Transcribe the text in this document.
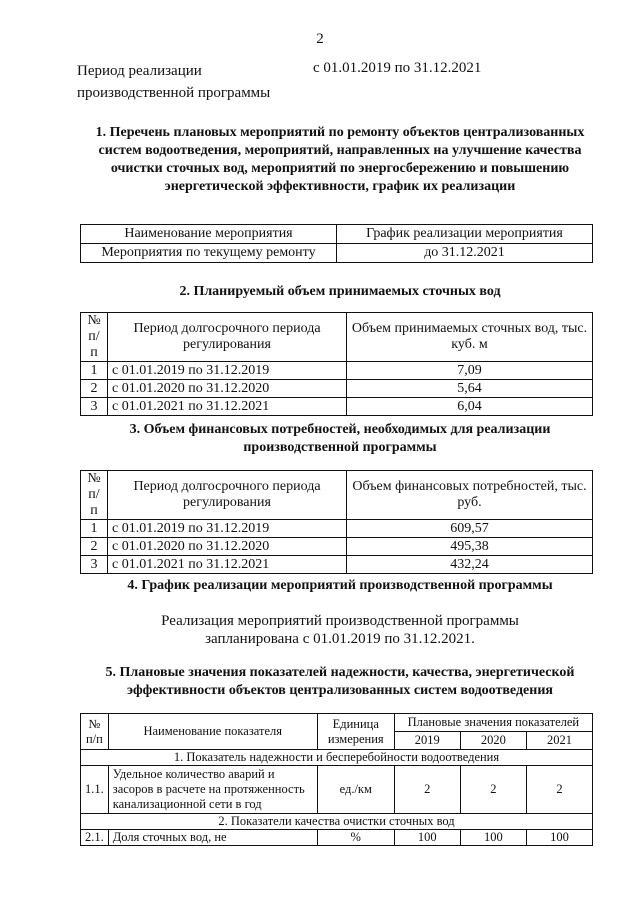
2
Период реализации
производственной программы
с 01.01.2019 по 31.12.2021
1. Перечень плановых мероприятий по ремонту объектов централизованных систем водоотведения, мероприятий, направленных на улучшение качества очистки сточных вод, мероприятий по энергосбережению и повышению энергетической эффективности, график их реализации
Наименование мероприятия	График реализации мероприятия
Мероприятия по текущему ремонту	до 31.12.2021
2. Планируемый объем принимаемых сточных вод
№ п/п	Период долгосрочного периода регулирования	Объем принимаемых сточных вод, тыс. куб. м
1	с 01.01.2019 по 31.12.2019	7,09
2	с 01.01.2020 по 31.12.2020	5,64
3	с 01.01.2021 по 31.12.2021	6,04
3. Объем финансовых потребностей, необходимых для реализации производственной программы
№ п/п	Период долгосрочного периода регулирования	Объем финансовых потребностей, тыс. руб.
1	с 01.01.2019 по 31.12.2019	609,57
2	с 01.01.2020 по 31.12.2020	495,38
3	с 01.01.2021 по 31.12.2021	432,24
4. График реализации мероприятий производственной программы
Реализация мероприятий производственной программы
запланирована с 01.01.2019 по 31.12.2021.
5. Плановые значения показателей надежности, качества, энергетической эффективности объектов централизованных систем водоотведения
№ п/п	Наименование показателя	Единица измерения	Плановые значения показателей		
			2019	2020	2021
1. Показатель надежности и бесперебойности водоотведения					
1.1.	Удельное количество аварий и засоров в расчете на протяженность канализационной сети в год	ед./км	2	2	2
2. Показатели качества очистки сточных вод					
2.1.	Доля сточных вод, не	%	100	100	100
